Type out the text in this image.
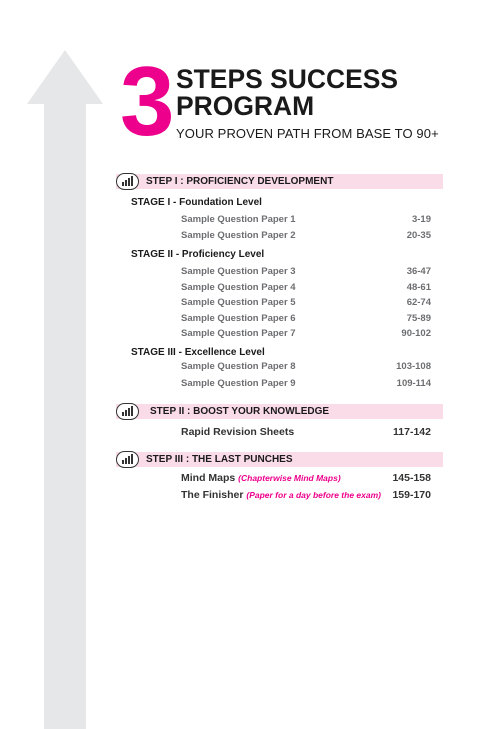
3 STEPS SUCCESS
PROGRAM
YOUR PROVEN PATH FROM BASE TO 90+
STEP I : PROFICIENCY DEVELOPMENT
STAGE I - Foundation Level
Sample Question Paper 1	3-19
Sample Question Paper 2	20-35
STAGE II - Proficiency Level
Sample Question Paper 3	36-47
Sample Question Paper 4	48-61
Sample Question Paper 5	62-74
Sample Question Paper 6	75-89
Sample Question Paper 7	90-102
STAGE III - Excellence Level
Sample Question Paper 8	103-108
Sample Question Paper 9	109-114
STEP II : BOOST YOUR KNOWLEDGE
Rapid Revision Sheets	117-142
STEP III : THE LAST PUNCHES
Mind Maps (Chapterwise Mind Maps)	145-158
The Finisher (Paper for a day before the exam) 159-170
